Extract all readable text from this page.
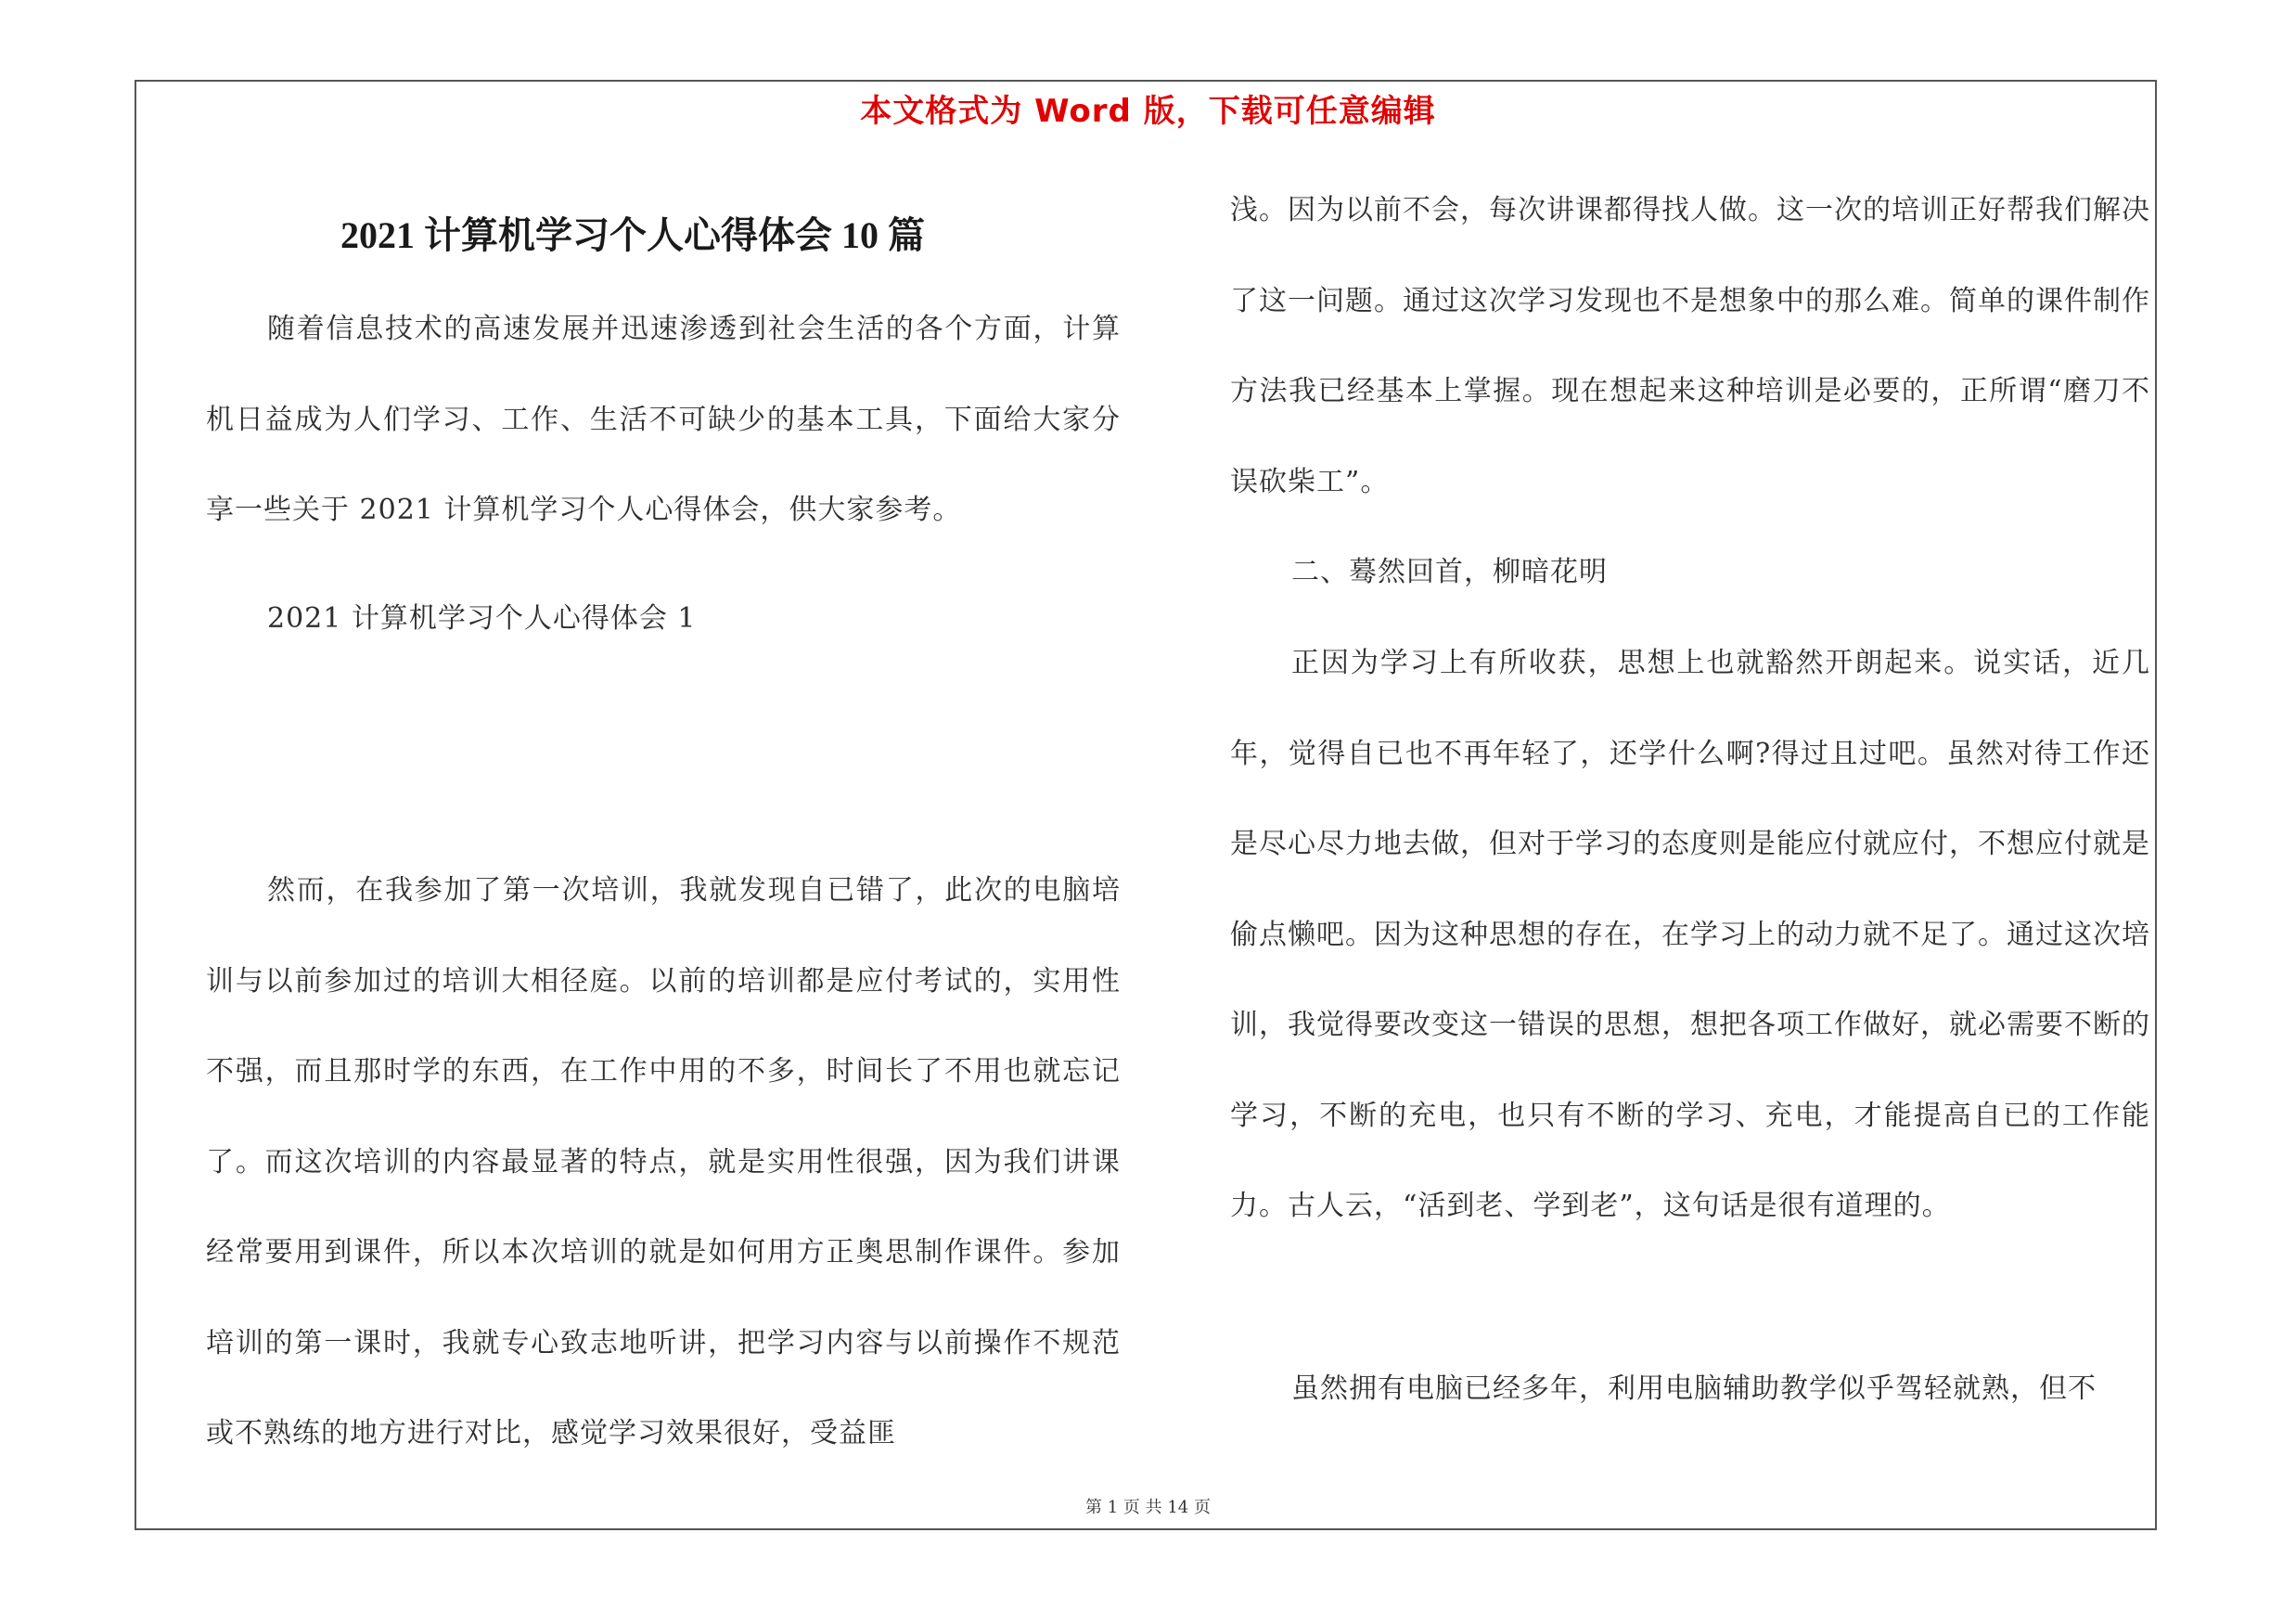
本文格式为 Word 版，下载可任意编辑
2021 计算机学习个人心得体会 10 篇
随着信息技术的高速发展并迅速渗透到社会生活的各个方面，计算机日益成为人们学习、工作、生活不可缺少的基本工具，下面给大家分享一些关于 2021 计算机学习个人心得体会，供大家参考。
2021 计算机学习个人心得体会 1
然而，在我参加了第一次培训，我就发现自已错了，此次的电脑培训与以前参加过的培训大相径庭。以前的培训都是应付考试的，实用性不强，而且那时学的东西，在工作中用的不多，时间长了不用也就忘记了。而这次培训的内容最显著的特点，就是实用性很强，因为我们讲课经常要用到课件，所以本次培训的就是如何用方正奥思制作课件。参加培训的第一课时，我就专心致志地听讲，把学习内容与以前操作不规范或不熟练的地方进行对比，感觉学习效果很好，受益匪
浅。因为以前不会，每次讲课都得找人做。这一次的培训正好帮我们解决了这一问题。通过这次学习发现也不是想象中的那么难。简单的课件制作方法我已经基本上掌握。现在想起来这种培训是必要的，正所谓“磨刀不误砍柴工”。
二、蓦然回首，柳暗花明
正因为学习上有所收获，思想上也就豁然开朗起来。说实话，近几年，觉得自已也不再年轻了，还学什么啊?得过且过吧。虽然对待工作还是尽心尽力地去做，但对于学习的态度则是能应付就应付，不想应付就是偷点懒吧。因为这种思想的存在，在学习上的动力就不足了。通过这次培训，我觉得要改变这一错误的思想，想把各项工作做好，就必需要不断的学习，不断的充电，也只有不断的学习、充电，才能提高自已的工作能力。古人云，“活到老、学到老”，这句话是很有道理的。
虽然拥有电脑已经多年，利用电脑辅助教学似乎驾轻就熟，但不
第 1 页 共 14 页
